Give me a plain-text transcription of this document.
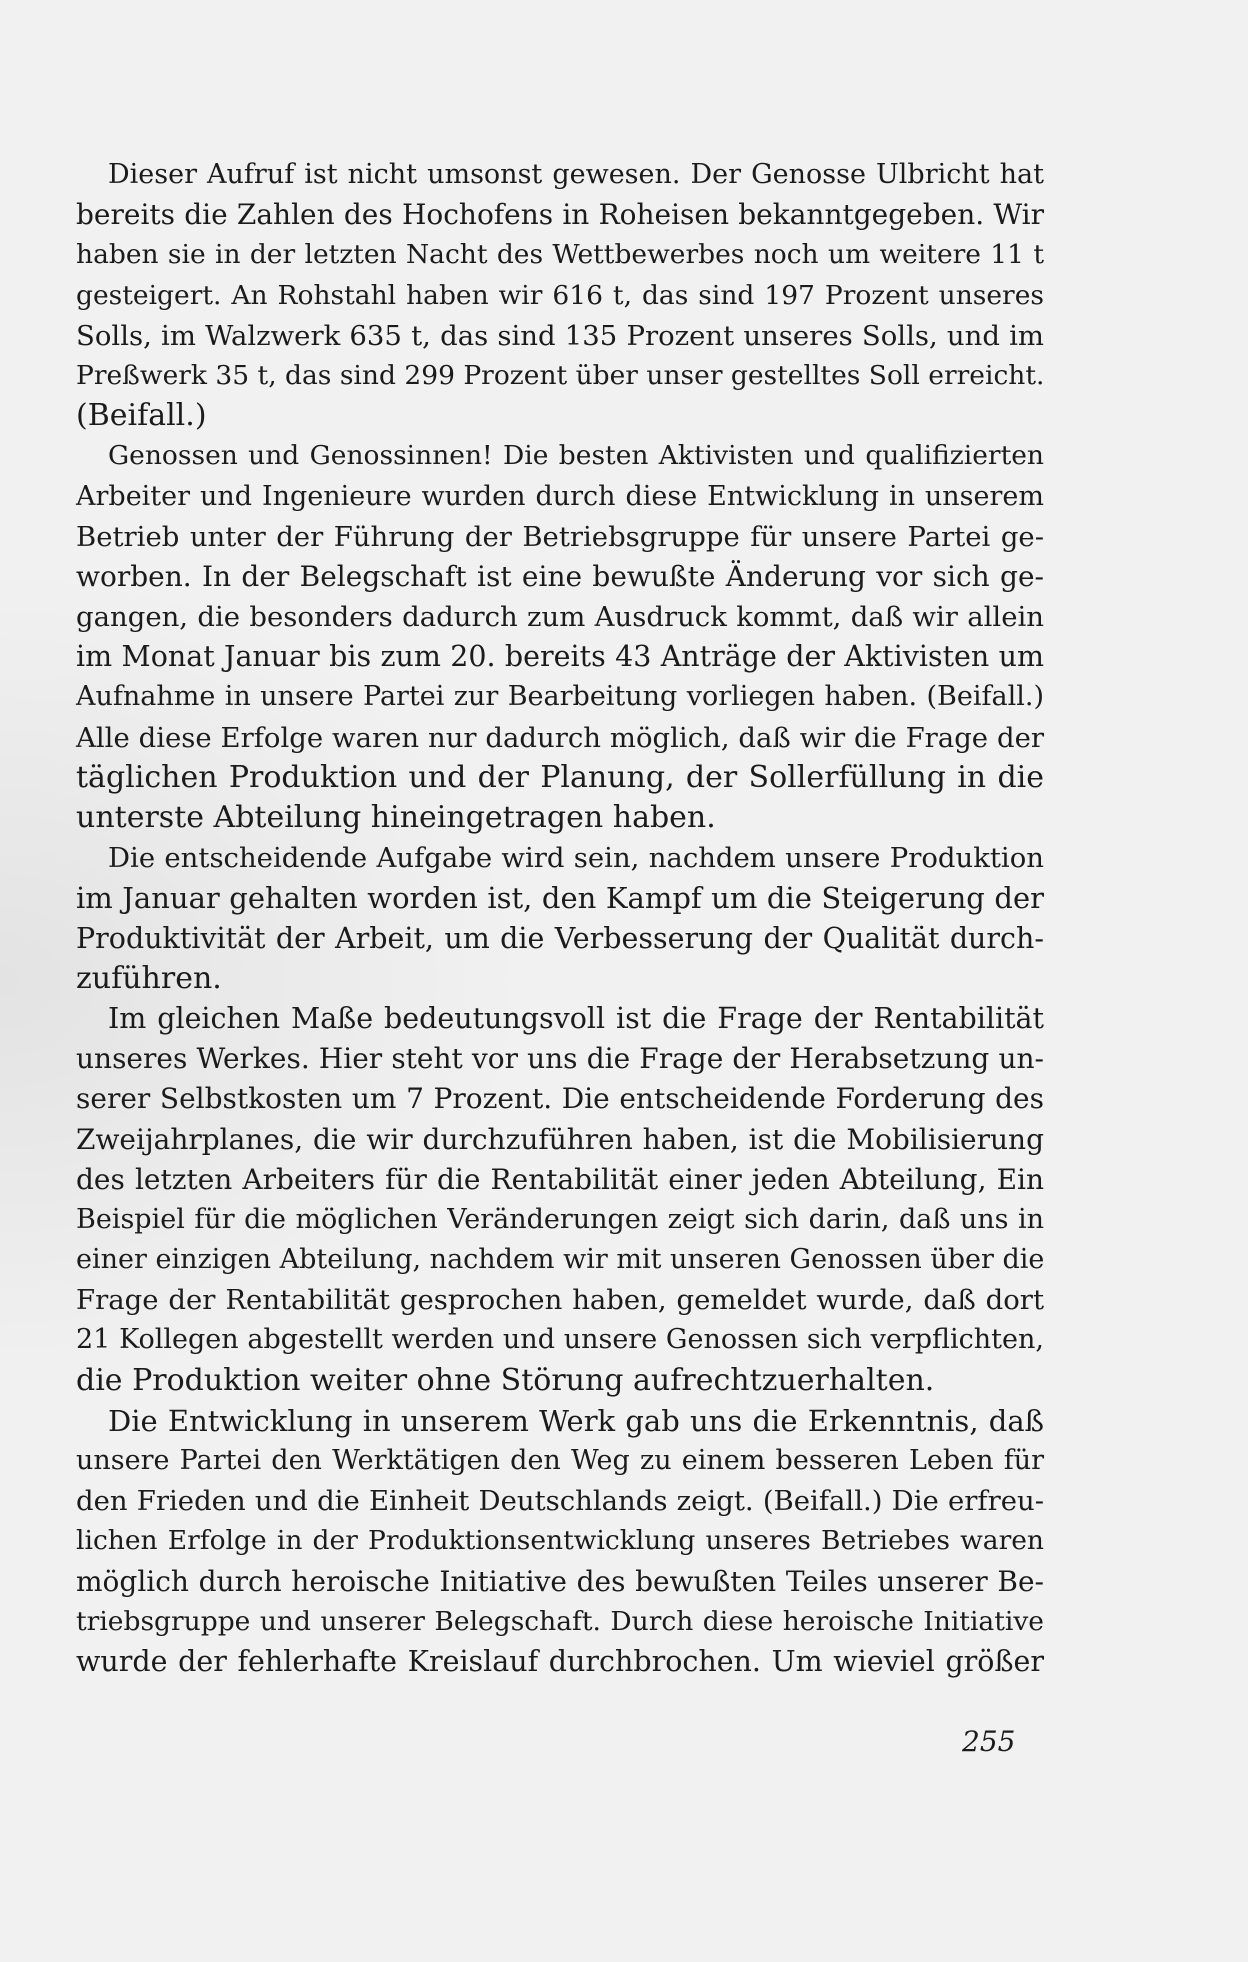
Dieser Aufruf ist nicht umsonst gewesen. Der Genosse Ulbricht hat
bereits die Zahlen des Hochofens in Roheisen bekanntgegeben. Wir
haben sie in der letzten Nacht des Wettbewerbes noch um weitere 11 t
gesteigert. An Rohstahl haben wir 616 t, das sind 197 Prozent unseres
Solls, im Walzwerk 635 t, das sind 135 Prozent unseres Solls, und im
Preßwerk 35 t, das sind 299 Prozent über unser gestelltes Soll erreicht.
(Beifall.)
Genossen und Genossinnen! Die besten Aktivisten und qualifizierten
Arbeiter und Ingenieure wurden durch diese Entwicklung in unserem
Betrieb unter der Führung der Betriebsgruppe für unsere Partei ge-
worben. In der Belegschaft ist eine bewußte Änderung vor sich ge-
gangen, die besonders dadurch zum Ausdruck kommt, daß wir allein
im Monat Januar bis zum 20. bereits 43 Anträge der Aktivisten um
Aufnahme in unsere Partei zur Bearbeitung vorliegen haben. (Beifall.)
Alle diese Erfolge waren nur dadurch möglich, daß wir die Frage der
täglichen Produktion und der Planung, der Sollerfüllung in die
unterste Abteilung hineingetragen haben.
Die entscheidende Aufgabe wird sein, nachdem unsere Produktion
im Januar gehalten worden ist, den Kampf um die Steigerung der
Produktivität der Arbeit, um die Verbesserung der Qualität durch-
zuführen.
Im gleichen Maße bedeutungsvoll ist die Frage der Rentabilität
unseres Werkes. Hier steht vor uns die Frage der Herabsetzung un-
serer Selbstkosten um 7 Prozent. Die entscheidende Forderung des
Zweijahrplanes, die wir durchzuführen haben, ist die Mobilisierung
des letzten Arbeiters für die Rentabilität einer jeden Abteilung, Ein
Beispiel für die möglichen Veränderungen zeigt sich darin, daß uns in
einer einzigen Abteilung, nachdem wir mit unseren Genossen über die
Frage der Rentabilität gesprochen haben, gemeldet wurde, daß dort
21 Kollegen abgestellt werden und unsere Genossen sich verpflichten,
die Produktion weiter ohne Störung aufrechtzuerhalten.
Die Entwicklung in unserem Werk gab uns die Erkenntnis, daß
unsere Partei den Werktätigen den Weg zu einem besseren Leben für
den Frieden und die Einheit Deutschlands zeigt. (Beifall.) Die erfreu-
lichen Erfolge in der Produktionsentwicklung unseres Betriebes waren
möglich durch heroische Initiative des bewußten Teiles unserer Be-
triebsgruppe und unserer Belegschaft. Durch diese heroische Initiative
wurde der fehlerhafte Kreislauf durchbrochen. Um wieviel größer
255
